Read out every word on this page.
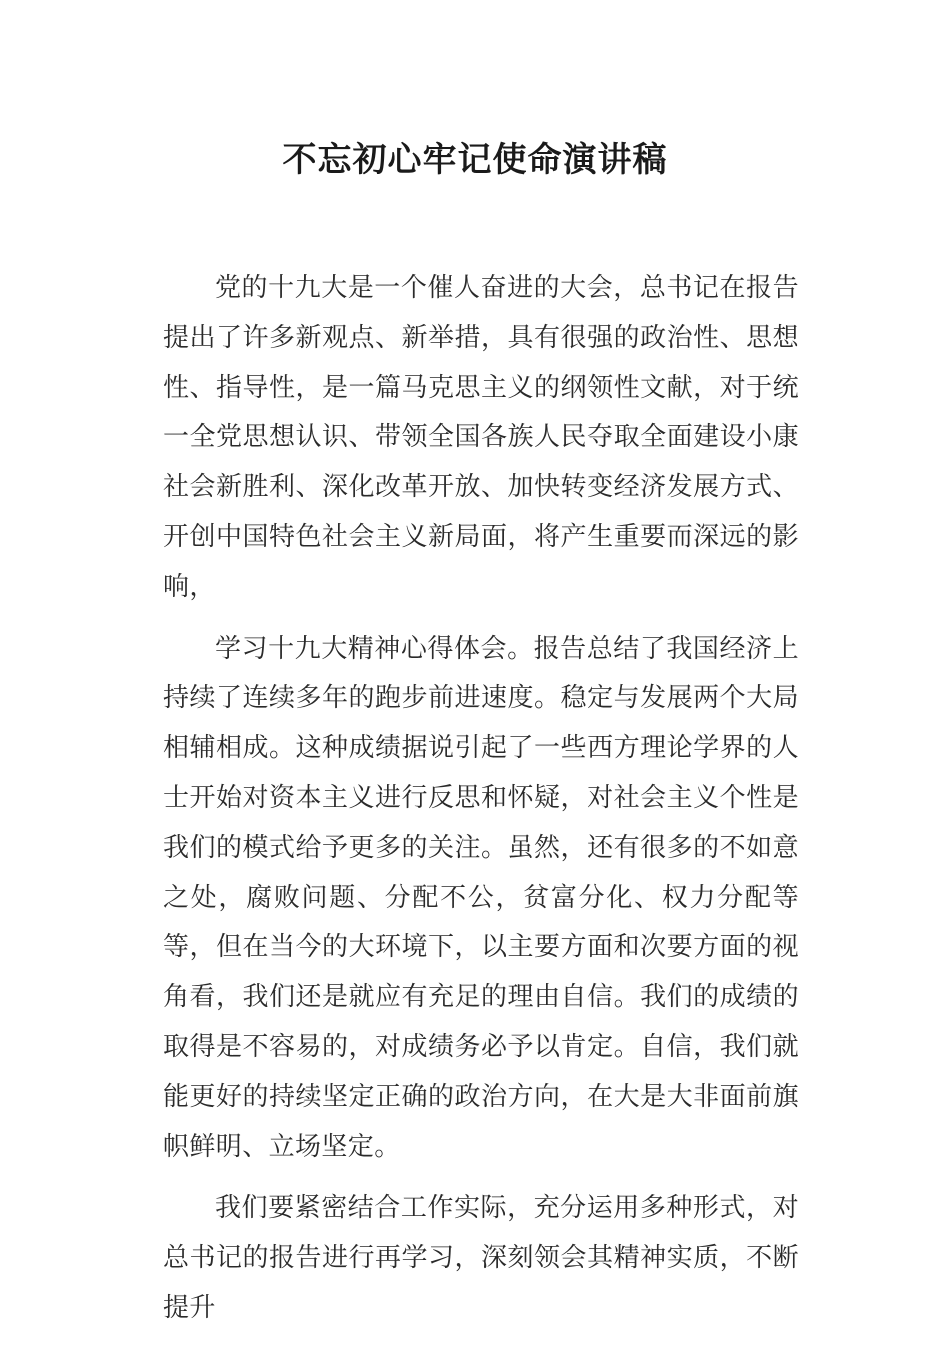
不忘初心牢记使命演讲稿

党的十九大是一个催人奋进的大会，总书记在报告提出了许多新观点、新举措，具有很强的政治性、思想性、指导性，是一篇马克思主义的纲领性文献，对于统一全党思想认识、带领全国各族人民夺取全面建设小康社会新胜利、深化改革开放、加快转变经济发展方式、开创中国特色社会主义新局面，将产生重要而深远的影响，

学习十九大精神心得体会。报告总结了我国经济上持续了连续多年的跑步前进速度。稳定与发展两个大局相辅相成。这种成绩据说引起了一些西方理论学界的人士开始对资本主义进行反思和怀疑，对社会主义个性是我们的模式给予更多的关注。虽然，还有很多的不如意之处，腐败问题、分配不公，贫富分化、权力分配等等，但在当今的大环境下，以主要方面和次要方面的视角看，我们还是就应有充足的理由自信。我们的成绩的取得是不容易的，对成绩务必予以肯定。自信，我们就能更好的持续坚定正确的政治方向，在大是大非面前旗帜鲜明、立场坚定。

我们要紧密结合工作实际，充分运用多种形式，对总书记的报告进行再学习，深刻领会其精神实质，不断提升
